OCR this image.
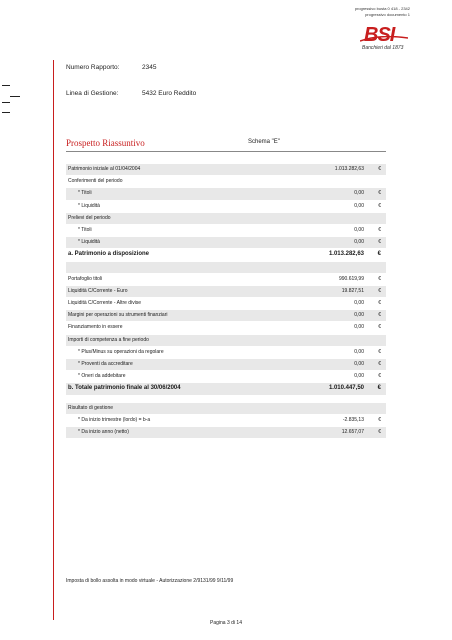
progressivo busta 0 418 - 2342
progressivo documento 1
BSI
Banchieri dal 1873
Numero Rapporto:	2345
Linea di Gestione:	5432 Euro Reddito
Prospetto Riassuntivo	Schema "E"
Patrimonio iniziale al 01/04/2004	1.013.282,63	€
Conferimenti del periodo
* Titoli	0,00	€
* Liquidità	0,00	€
Prelievi del periodo
* Titoli	0,00	€
* Liquidità	0,00	€
a. Patrimonio a disposizione	1.013.282,63 €
Portafoglio titoli	990.619,99	€
Liquidità C/Corrente - Euro	19.827,51	€
Liquidità C/Corrente - Altre divise	0,00	€
Margini per operazioni su strumenti finanziari	0,00	€
Finanziamento in essere	0,00	€
Importi di competenza a fine periodo
* Plus/Minus su operazioni da regolare	0,00	€
* Proventi da accreditare	0,00	€
* Oneri da addebitare	0,00	€
b. Totale patrimonio finale al 30/06/2004	1.010.447,50 €
Risultato di gestione
* Da inizio trimestre (lordo) = b-a	-2.835,13	€
* Da inizio anno (netto)	12.657,07	€
Imposta di bollo assolta in modo virtuale - Autorizzazione 2/9131/99 9/11/99
Pagina 3 di 14
